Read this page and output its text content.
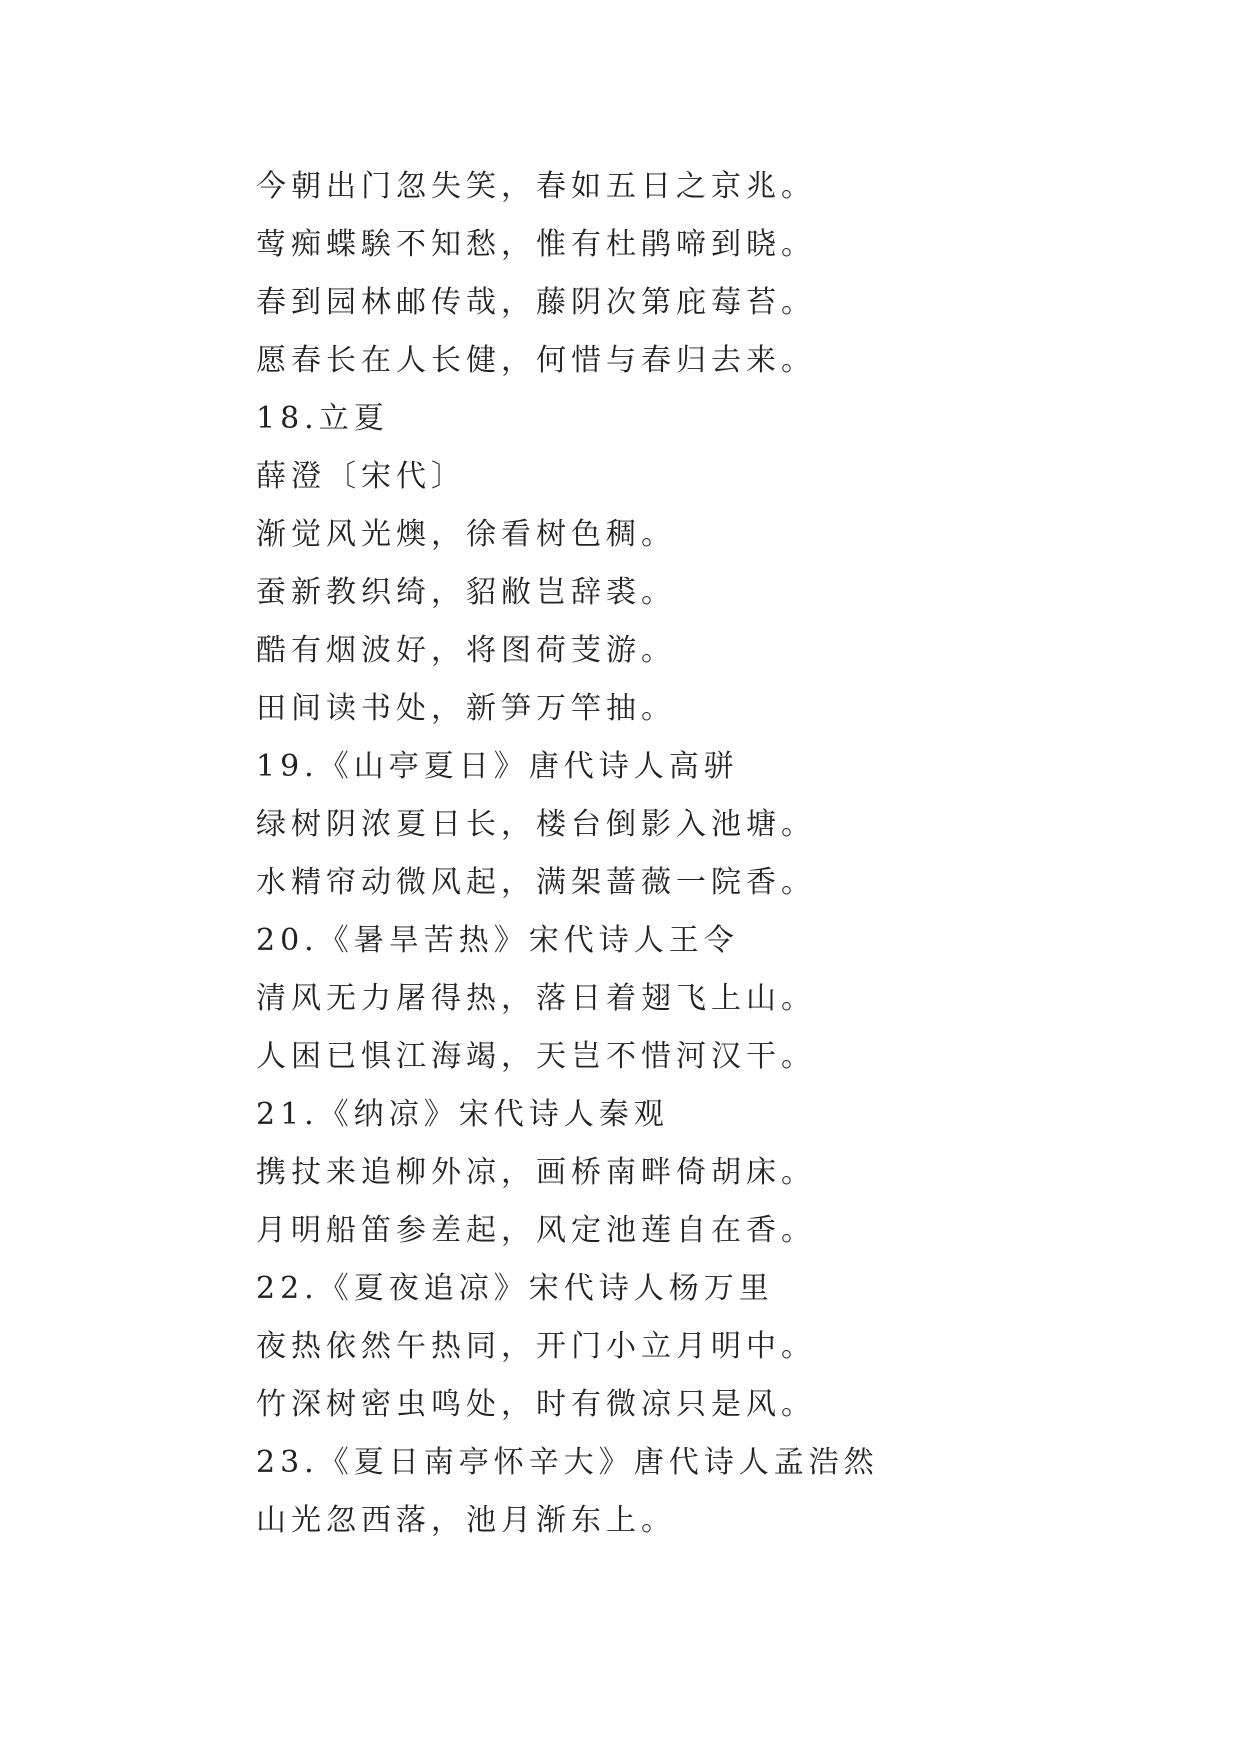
今朝出门忽失笑，春如五日之京兆。
莺痴蝶騃不知愁，惟有杜鹃啼到晓。
春到园林邮传哉，藤阴次第庇莓苔。
愿春长在人长健，何惜与春归去来。
18.立夏
薛澄〔宋代〕
渐觉风光燠，徐看树色稠。
蚕新教织绮，貂敝岂辞裘。
酷有烟波好，将图荷芰游。
田间读书处，新笋万竿抽。
19.《山亭夏日》唐代诗人高骈
绿树阴浓夏日长，楼台倒影入池塘。
水精帘动微风起，满架蔷薇一院香。
20.《暑旱苦热》宋代诗人王令
清风无力屠得热，落日着翅飞上山。
人困已惧江海竭，天岂不惜河汉干。
21.《纳凉》宋代诗人秦观
携扙来追柳外凉，画桥南畔倚胡床。
月明船笛参差起，风定池莲自在香。
22.《夏夜追凉》宋代诗人杨万里
夜热依然午热同，开门小立月明中。
竹深树密虫鸣处，时有微凉只是风。
23.《夏日南亭怀辛大》唐代诗人孟浩然
山光忽西落，池月渐东上。
